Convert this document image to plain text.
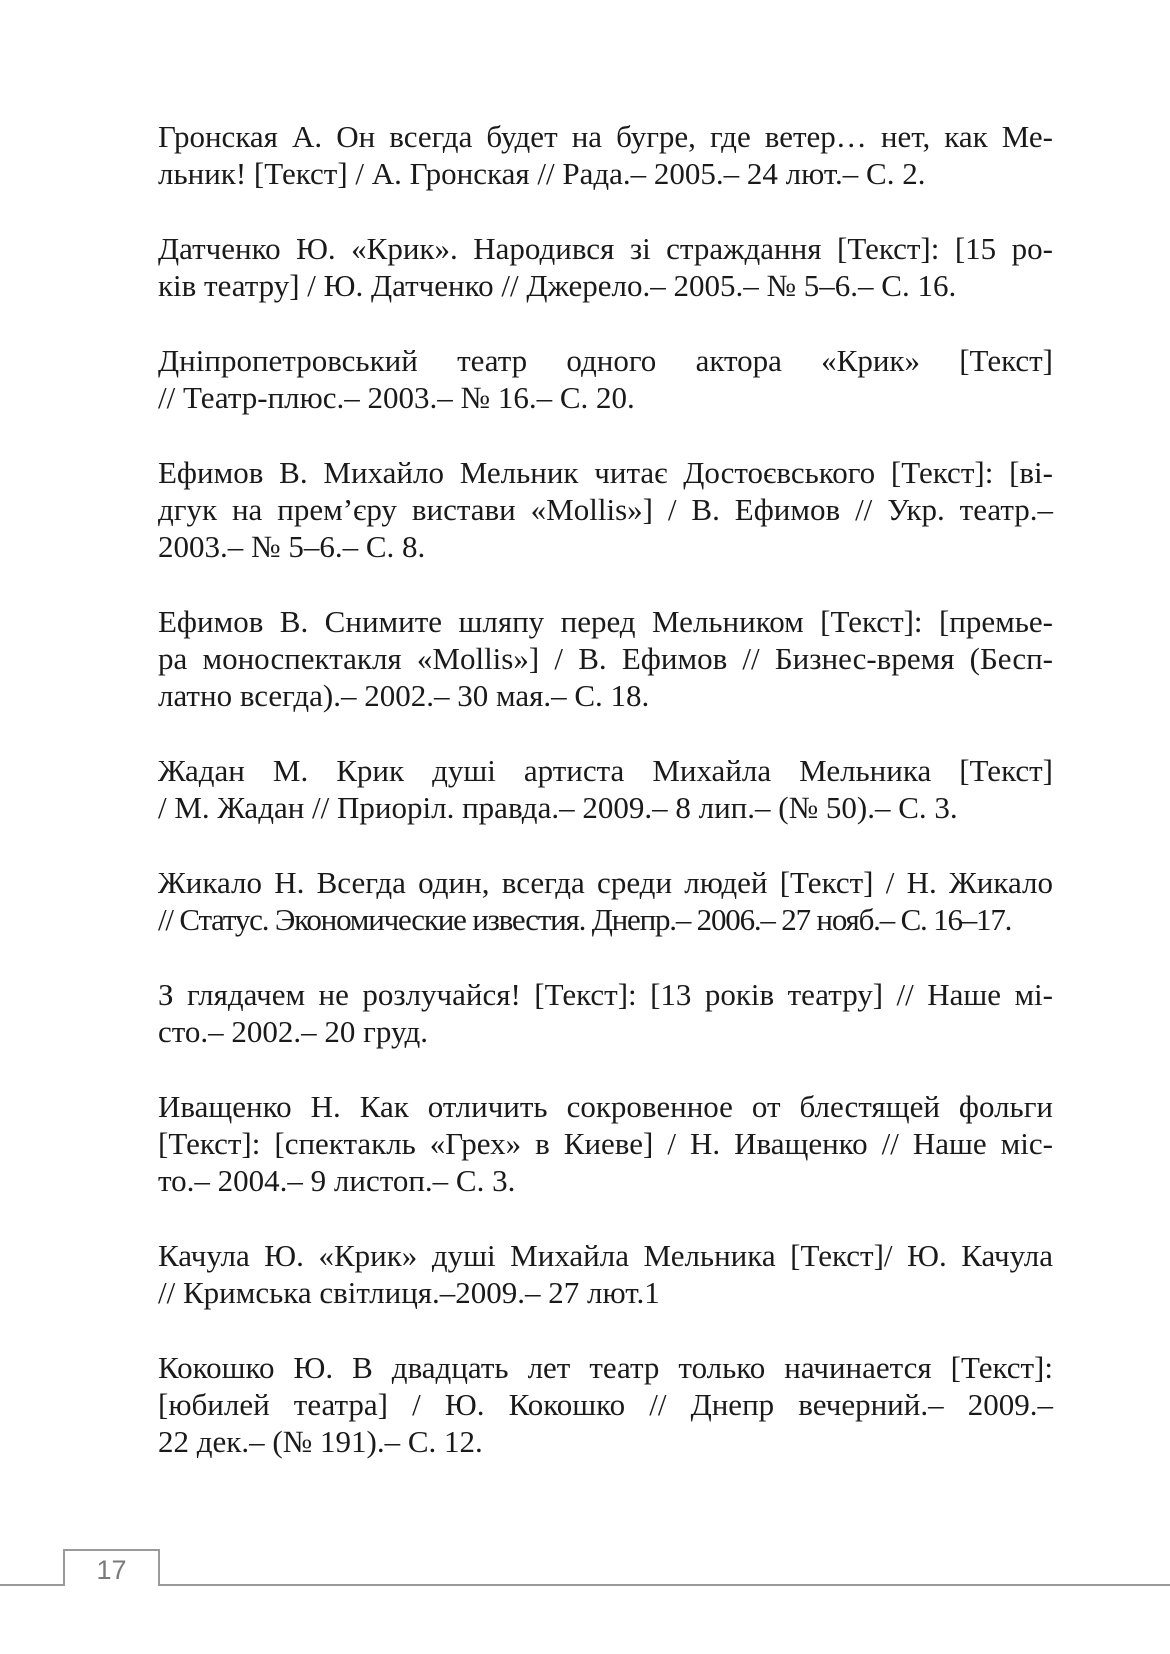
Гронская А. Он всегда будет на бугре, где ветер… нет, как Ме-
льник! [Текст] / А. Гронская // Рада.– 2005.– 24 лют.– С. 2.

Датченко Ю. «Крик». Народився зі страждання [Текст]: [15 ро-
ків театру] / Ю. Датченко // Джерело.– 2005.– № 5–6.– С. 16.

Дніпропетровський театр одного актора «Крик» [Текст]
// Театр-плюс.– 2003.– № 16.– С. 20.

Ефимов В. Михайло Мельник читає Достоєвського [Текст]: [ві-
дгук на прем’єру вистави «Mollis»] / В. Ефимов // Укр. театр.–
2003.– № 5–6.– С. 8.

Ефимов В. Снимите шляпу перед Мельником [Текст]: [премье-
ра моноспектакля «Mollis»] / В. Ефимов // Бизнес-время (Бесп-
латно всегда).– 2002.– 30 мая.– С. 18.

Жадан М. Крик душі артиста Михайла Мельника [Текст]
/ М. Жадан // Приоріл. правда.– 2009.– 8 лип.– (№ 50).– С. 3.

Жикало Н. Всегда один, всегда среди людей [Текст] / Н. Жикало
// Статус. Экономические известия. Днепр.– 2006.– 27 нояб.– С. 16–17.

З глядачем не розлучайся! [Текст]: [13 років театру] // Наше мі-
сто.– 2002.– 20 груд.

Иващенко Н. Как отличить сокровенное от блестящей фольги
[Текст]: [спектакль «Грех» в Киеве] / Н. Иващенко // Наше міс-
то.– 2004.– 9 листоп.– С. 3.

Качула Ю. «Крик» душі Михайла Мельника [Текст]/ Ю. Качула
// Кримська світлиця.–2009.– 27 лют.1

Кокошко Ю. В двадцать лет театр только начинается [Текст]:
[юбилей театра] / Ю. Кокошко // Днепр вечерний.– 2009.–
22 дек.– (№ 191).– С. 12.

17
